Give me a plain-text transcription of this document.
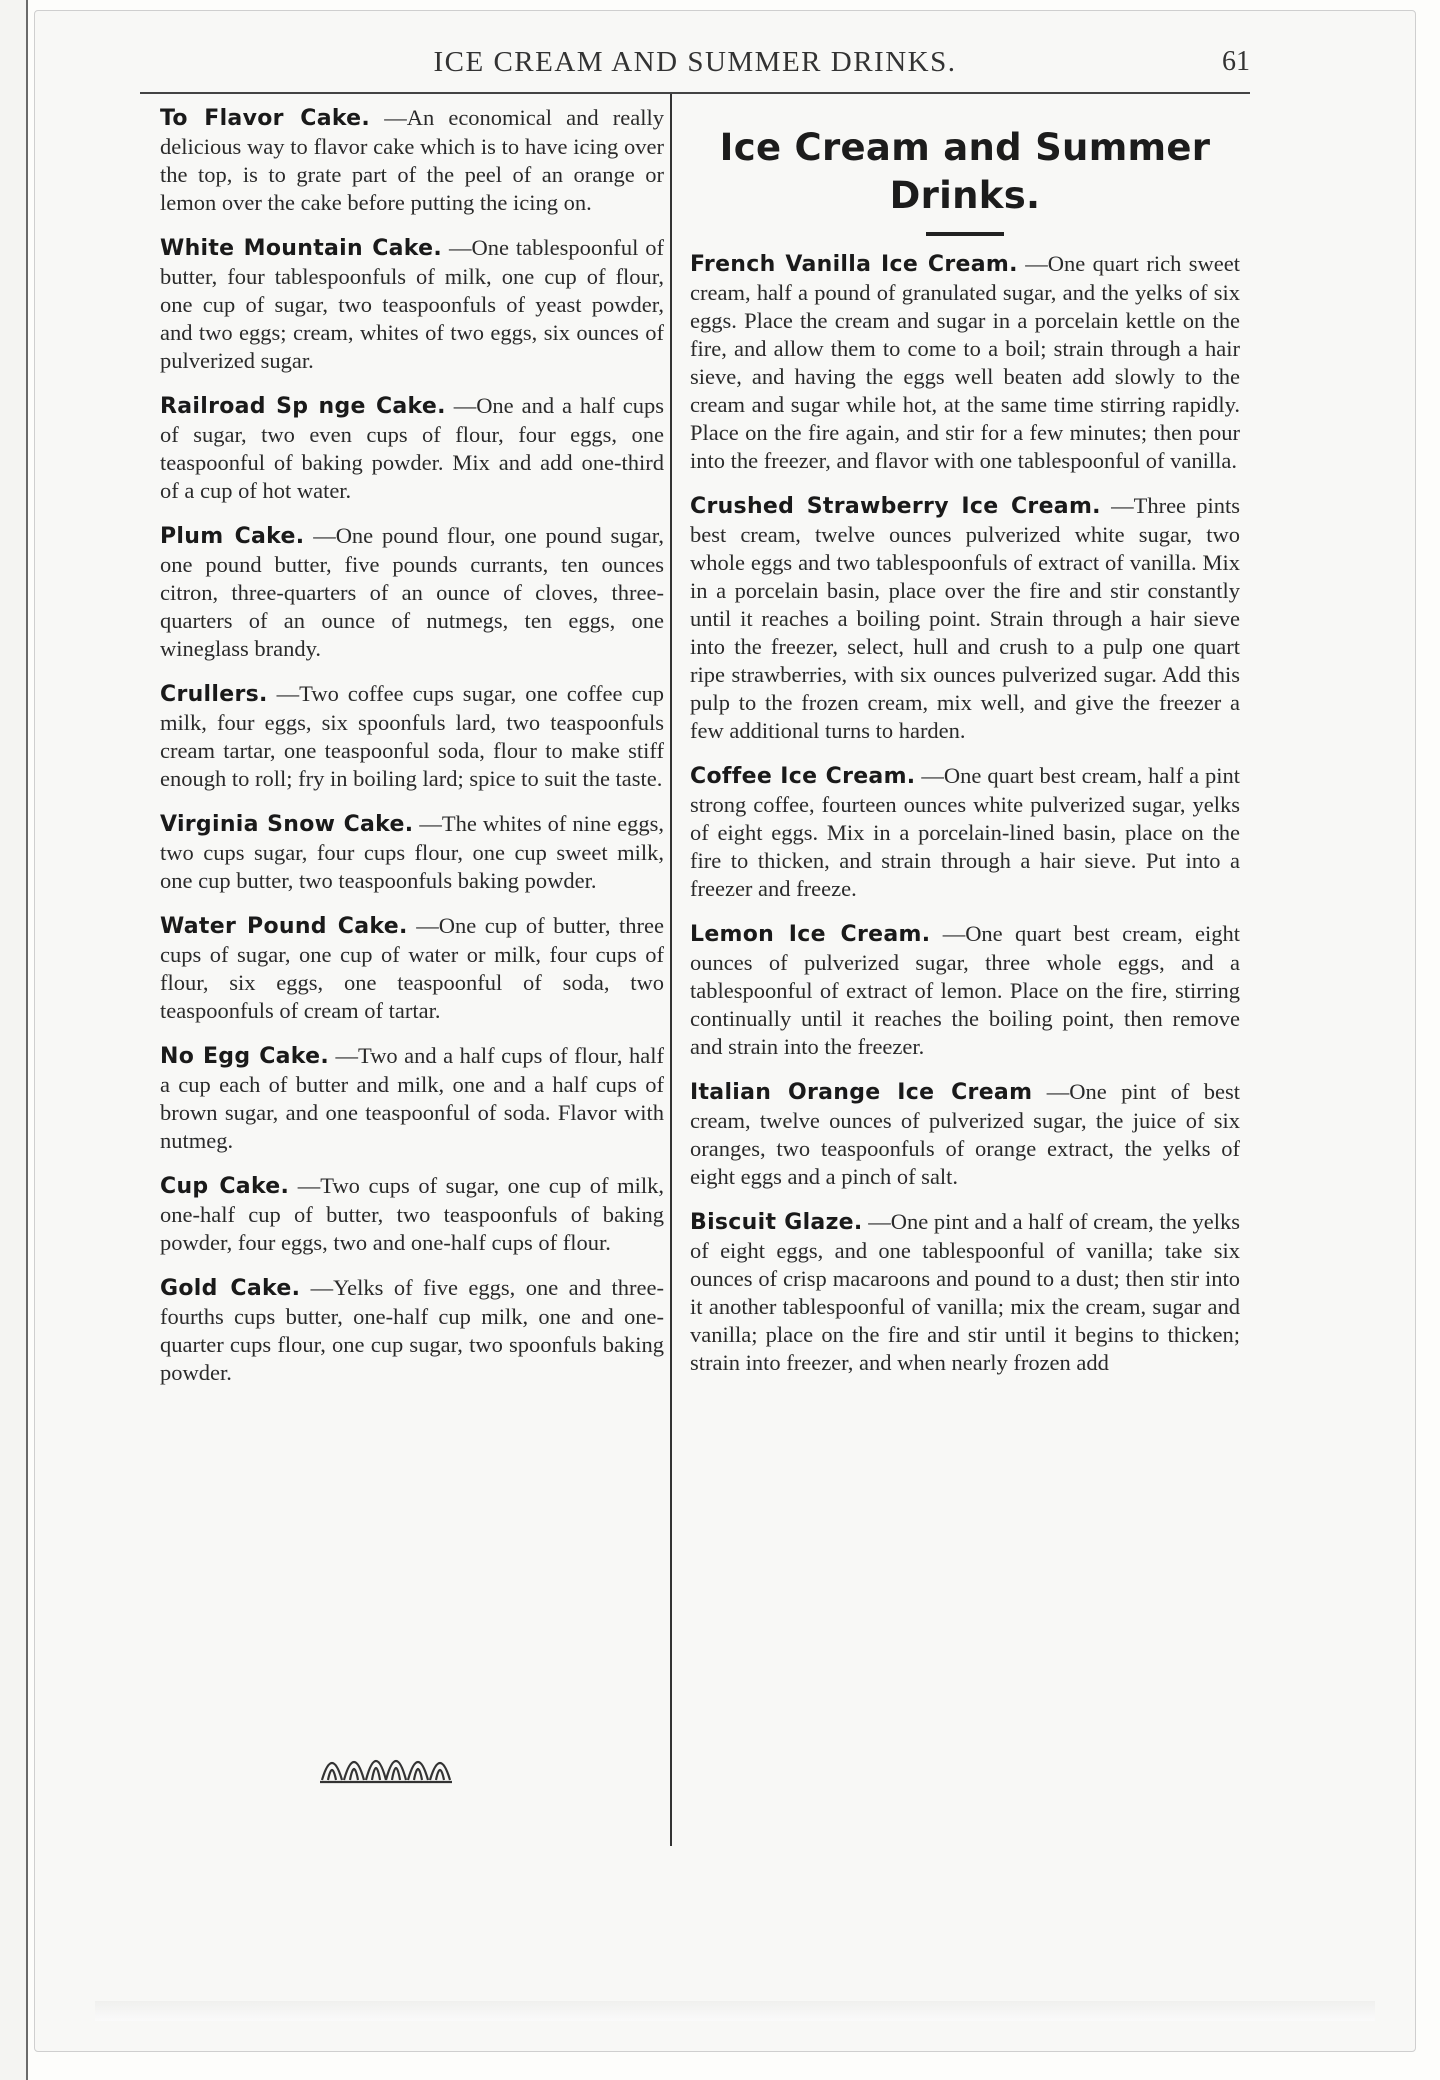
ICE CREAM AND SUMMER DRINKS.	61

To Flavor Cake. —An economical and really delicious way to flavor cake which is to have icing over the top, is to grate part of the peel of an orange or lemon over the cake before putting the icing on.

White Mountain Cake. —One tablespoonful of butter, four tablespoonfuls of milk, one cup of flour, one cup of sugar, two teaspoonfuls of yeast powder, and two eggs; cream, whites of two eggs, six ounces of pulverized sugar.

Railroad Sp nge Cake. —One and a half cups of sugar, two even cups of flour, four eggs, one teaspoonful of baking powder. Mix and add one-third of a cup of hot water.

Plum Cake. —One pound flour, one pound sugar, one pound butter, five pounds currants, ten ounces citron, three-quarters of an ounce of cloves, three-quarters of an ounce of nutmegs, ten eggs, one wineglass brandy.

Crullers. —Two coffee cups sugar, one coffee cup milk, four eggs, six spoonfuls lard, two teaspoonfuls cream tartar, one teaspoonful soda, flour to make stiff enough to roll; fry in boiling lard; spice to suit the taste.

Virginia Snow Cake. —The whites of nine eggs, two cups sugar, four cups flour, one cup sweet milk, one cup butter, two teaspoonfuls baking powder.

Water Pound Cake. —One cup of butter, three cups of sugar, one cup of water or milk, four cups of flour, six eggs, one teaspoonful of soda, two teaspoonfuls of cream of tartar.

No Egg Cake. —Two and a half cups of flour, half a cup each of butter and milk, one and a half cups of brown sugar, and one teaspoonful of soda. Flavor with nutmeg.

Cup Cake. —Two cups of sugar, one cup of milk, one-half cup of butter, two teaspoonfuls of baking powder, four eggs, two and one-half cups of flour.

Gold Cake. —Yelks of five eggs, one and three-fourths cups butter, one-half cup milk, one and one-quarter cups flour, one cup sugar, two spoonfuls baking powder.

Ice Cream and Summer Drinks.

French Vanilla Ice Cream. —One quart rich sweet cream, half a pound of granulated sugar, and the yelks of six eggs. Place the cream and sugar in a porcelain kettle on the fire, and allow them to come to a boil; strain through a hair sieve, and having the eggs well beaten add slowly to the cream and sugar while hot, at the same time stirring rapidly. Place on the fire again, and stir for a few minutes; then pour into the freezer, and flavor with one tablespoonful of vanilla.

Crushed Strawberry Ice Cream. —Three pints best cream, twelve ounces pulverized white sugar, two whole eggs and two tablespoonfuls of extract of vanilla. Mix in a porcelain basin, place over the fire and stir constantly until it reaches a boiling point. Strain through a hair sieve into the freezer, select, hull and crush to a pulp one quart ripe strawberries, with six ounces pulverized sugar. Add this pulp to the frozen cream, mix well, and give the freezer a few additional turns to harden.

Coffee Ice Cream. —One quart best cream, half a pint strong coffee, fourteen ounces white pulverized sugar, yelks of eight eggs. Mix in a porcelain-lined basin, place on the fire to thicken, and strain through a hair sieve. Put into a freezer and freeze.

Lemon Ice Cream. —One quart best cream, eight ounces of pulverized sugar, three whole eggs, and a tablespoonful of extract of lemon. Place on the fire, stirring continually until it reaches the boiling point, then remove and strain into the freezer.

Italian Orange Ice Cream —One pint of best cream, twelve ounces of pulverized sugar, the juice of six oranges, two teaspoonfuls of orange extract, the yelks of eight eggs and a pinch of salt.

Biscuit Glaze. —One pint and a half of cream, the yelks of eight eggs, and one tablespoonful of vanilla; take six ounces of crisp macaroons and pound to a dust; then stir into it another tablespoonful of vanilla; mix the cream, sugar and vanilla; place on the fire and stir until it begins to thicken; strain into freezer, and when nearly frozen add
